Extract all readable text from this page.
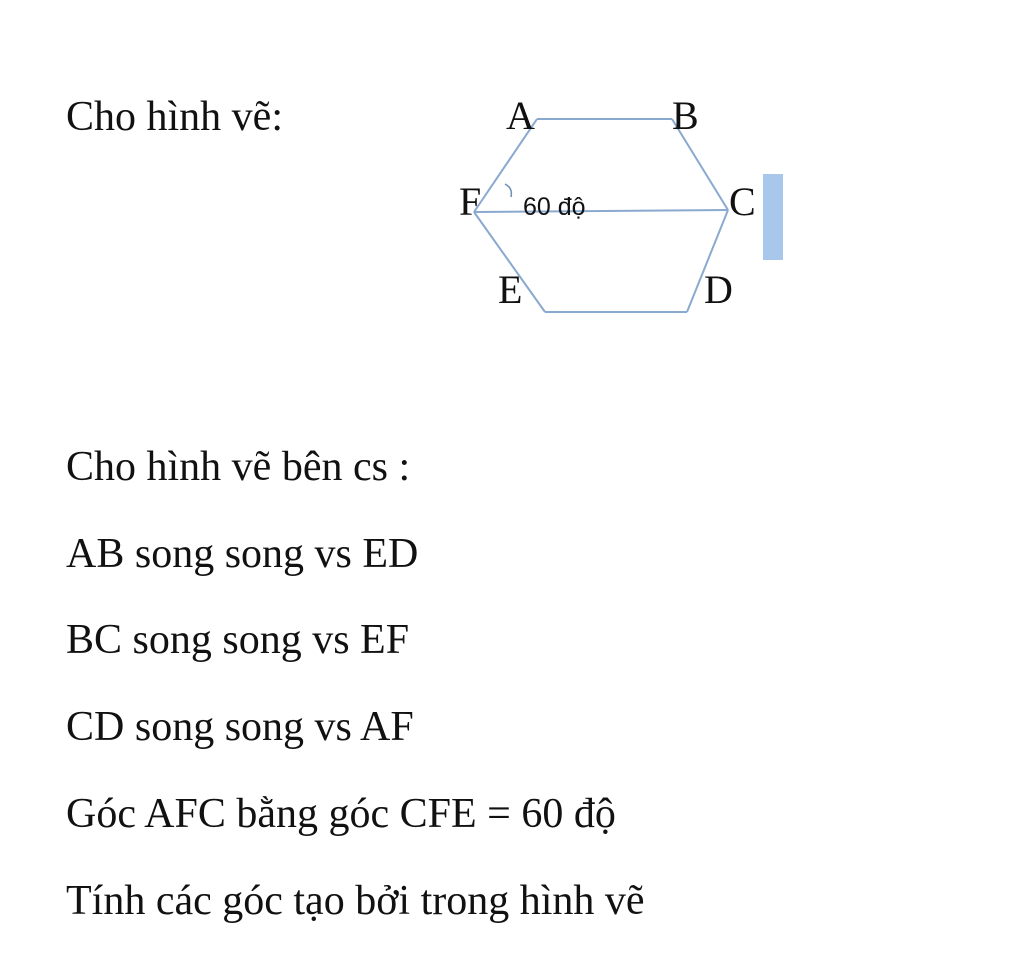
Cho hình vẽ:

60 độ
A	B
C
D
E
F

Cho hình vẽ bên cs :

AB song song vs ED

BC song song vs EF

CD song song vs AF

Góc AFC bằng góc CFE = 60 độ

Tính các góc tạo bởi trong hình vẽ
